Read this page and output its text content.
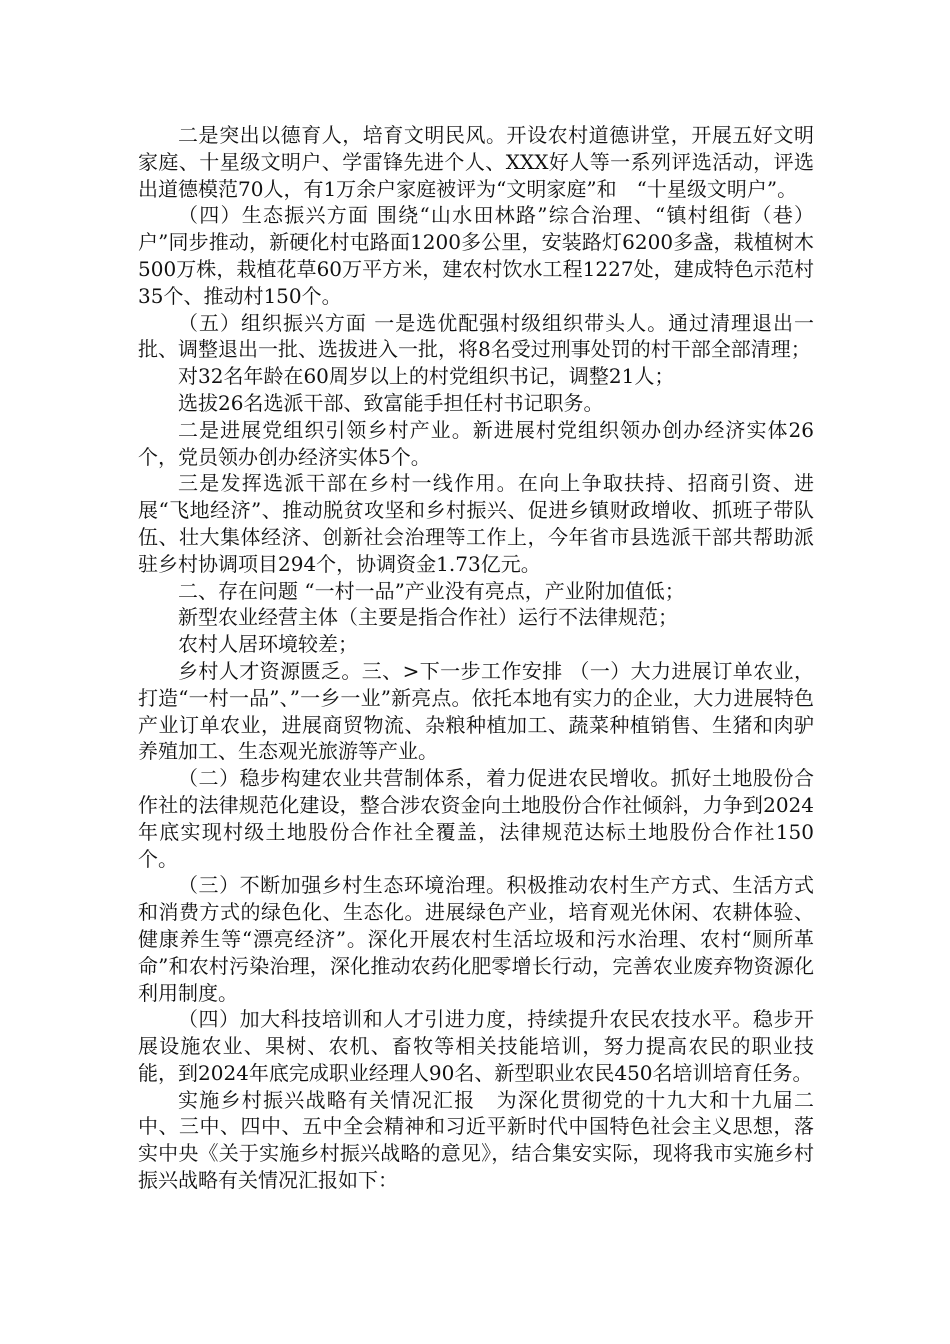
二是突出以德育人，培育文明民风。开设农村道德讲堂，开展五好文明家庭、十星级文明户、学雷锋先进个人、XXX好人等一系列评选活动，评选出道德模范70人，有1万余户家庭被评为“文明家庭”和　“十星级文明户”。

（四）生态振兴方面 围绕“山水田林路”综合治理、“镇村组街（巷）户”同步推动，新硬化村屯路面1200多公里，安装路灯6200多盏，栽植树木500万株，栽植花草60万平方米，建农村饮水工程1227处，建成特色示范村35个、推动村150个。

（五）组织振兴方面 一是选优配强村级组织带头人。通过清理退出一批、调整退出一批、选拔进入一批，将8名受过刑事处罚的村干部全部清理；

对32名年龄在60周岁以上的村党组织书记，调整21人；

选拔26名选派干部、致富能手担任村书记职务。

二是进展党组织引领乡村产业。新进展村党组织领办创办经济实体26个，党员领办创办经济实体5个。

三是发挥选派干部在乡村一线作用。在向上争取扶持、招商引资、进展“飞地经济”、推动脱贫攻坚和乡村振兴、促进乡镇财政增收、抓班子带队伍、壮大集体经济、创新社会治理等工作上，今年省市县选派干部共帮助派驻乡村协调项目294个，协调资金1.73亿元。

二、存在问题 “一村一品”产业没有亮点，产业附加值低；

新型农业经营主体（主要是指合作社）运行不法律规范；

农村人居环境较差；

乡村人才资源匮乏。三、>下一步工作安排 （一）大力进展订单农业，打造“一村一品”、”一乡一业”新亮点。依托本地有实力的企业，大力进展特色产业订单农业，进展商贸物流、杂粮种植加工、蔬菜种植销售、生猪和肉驴养殖加工、生态观光旅游等产业。

（二）稳步构建农业共营制体系，着力促进农民增收。抓好土地股份合作社的法律规范化建设，整合涉农资金向土地股份合作社倾斜，力争到2024年底实现村级土地股份合作社全覆盖，法律规范达标土地股份合作社150个。

（三）不断加强乡村生态环境治理。积极推动农村生产方式、生活方式和消费方式的绿色化、生态化。进展绿色产业，培育观光休闲、农耕体验、健康养生等“漂亮经济”。深化开展农村生活垃圾和污水治理、农村“厕所革命”和农村污染治理，深化推动农药化肥零增长行动，完善农业废弃物资源化利用制度。

（四）加大科技培训和人才引进力度，持续提升农民农技水平。稳步开展设施农业、果树、农机、畜牧等相关技能培训，努力提高农民的职业技能，到2024年底完成职业经理人90名、新型职业农民450名培训培育任务。

实施乡村振兴战略有关情况汇报　为深化贯彻党的十九大和十九届二中、三中、四中、五中全会精神和习近平新时代中国特色社会主义思想，落实中央《关于实施乡村振兴战略的意见》，结合集安实际，现将我市实施乡村振兴战略有关情况汇报如下：
